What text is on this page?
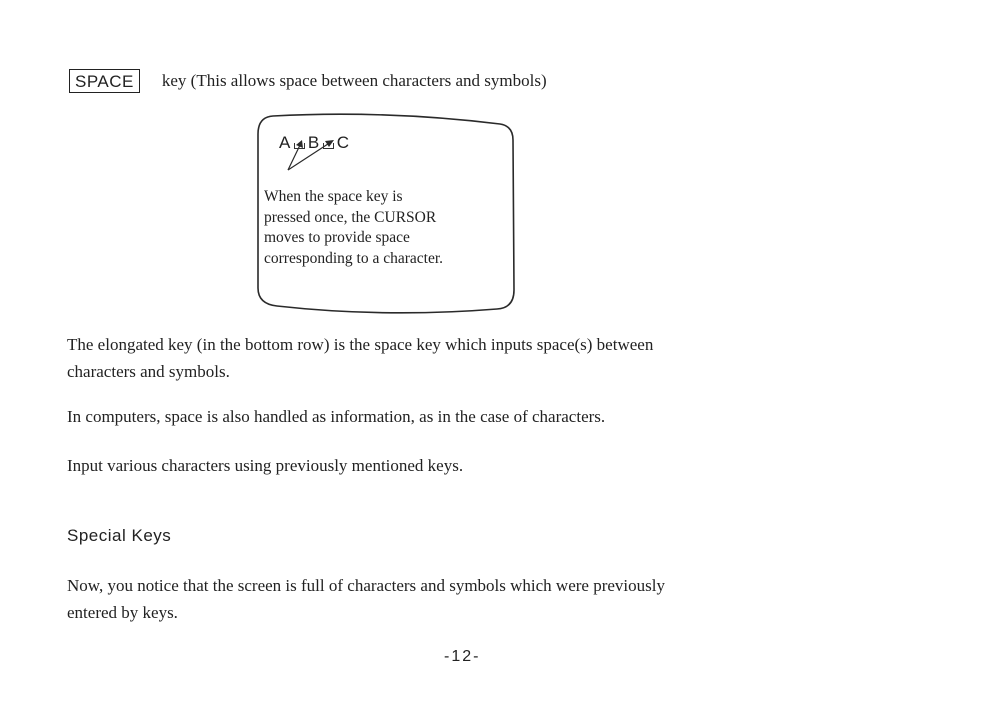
SPACE	key (This allows space between characters and symbols)
A B C
When the space key is
pressed once, the CURSOR
moves to provide space
corresponding to a character.
The elongated key (in the bottom row) is the space key which inputs space(s) between
characters and symbols.
In computers, space is also handled as information, as in the case of characters.
Input various characters using previously mentioned keys.
Special Keys
Now, you notice that the screen is full of characters and symbols which were previously
entered by keys.
-12-
